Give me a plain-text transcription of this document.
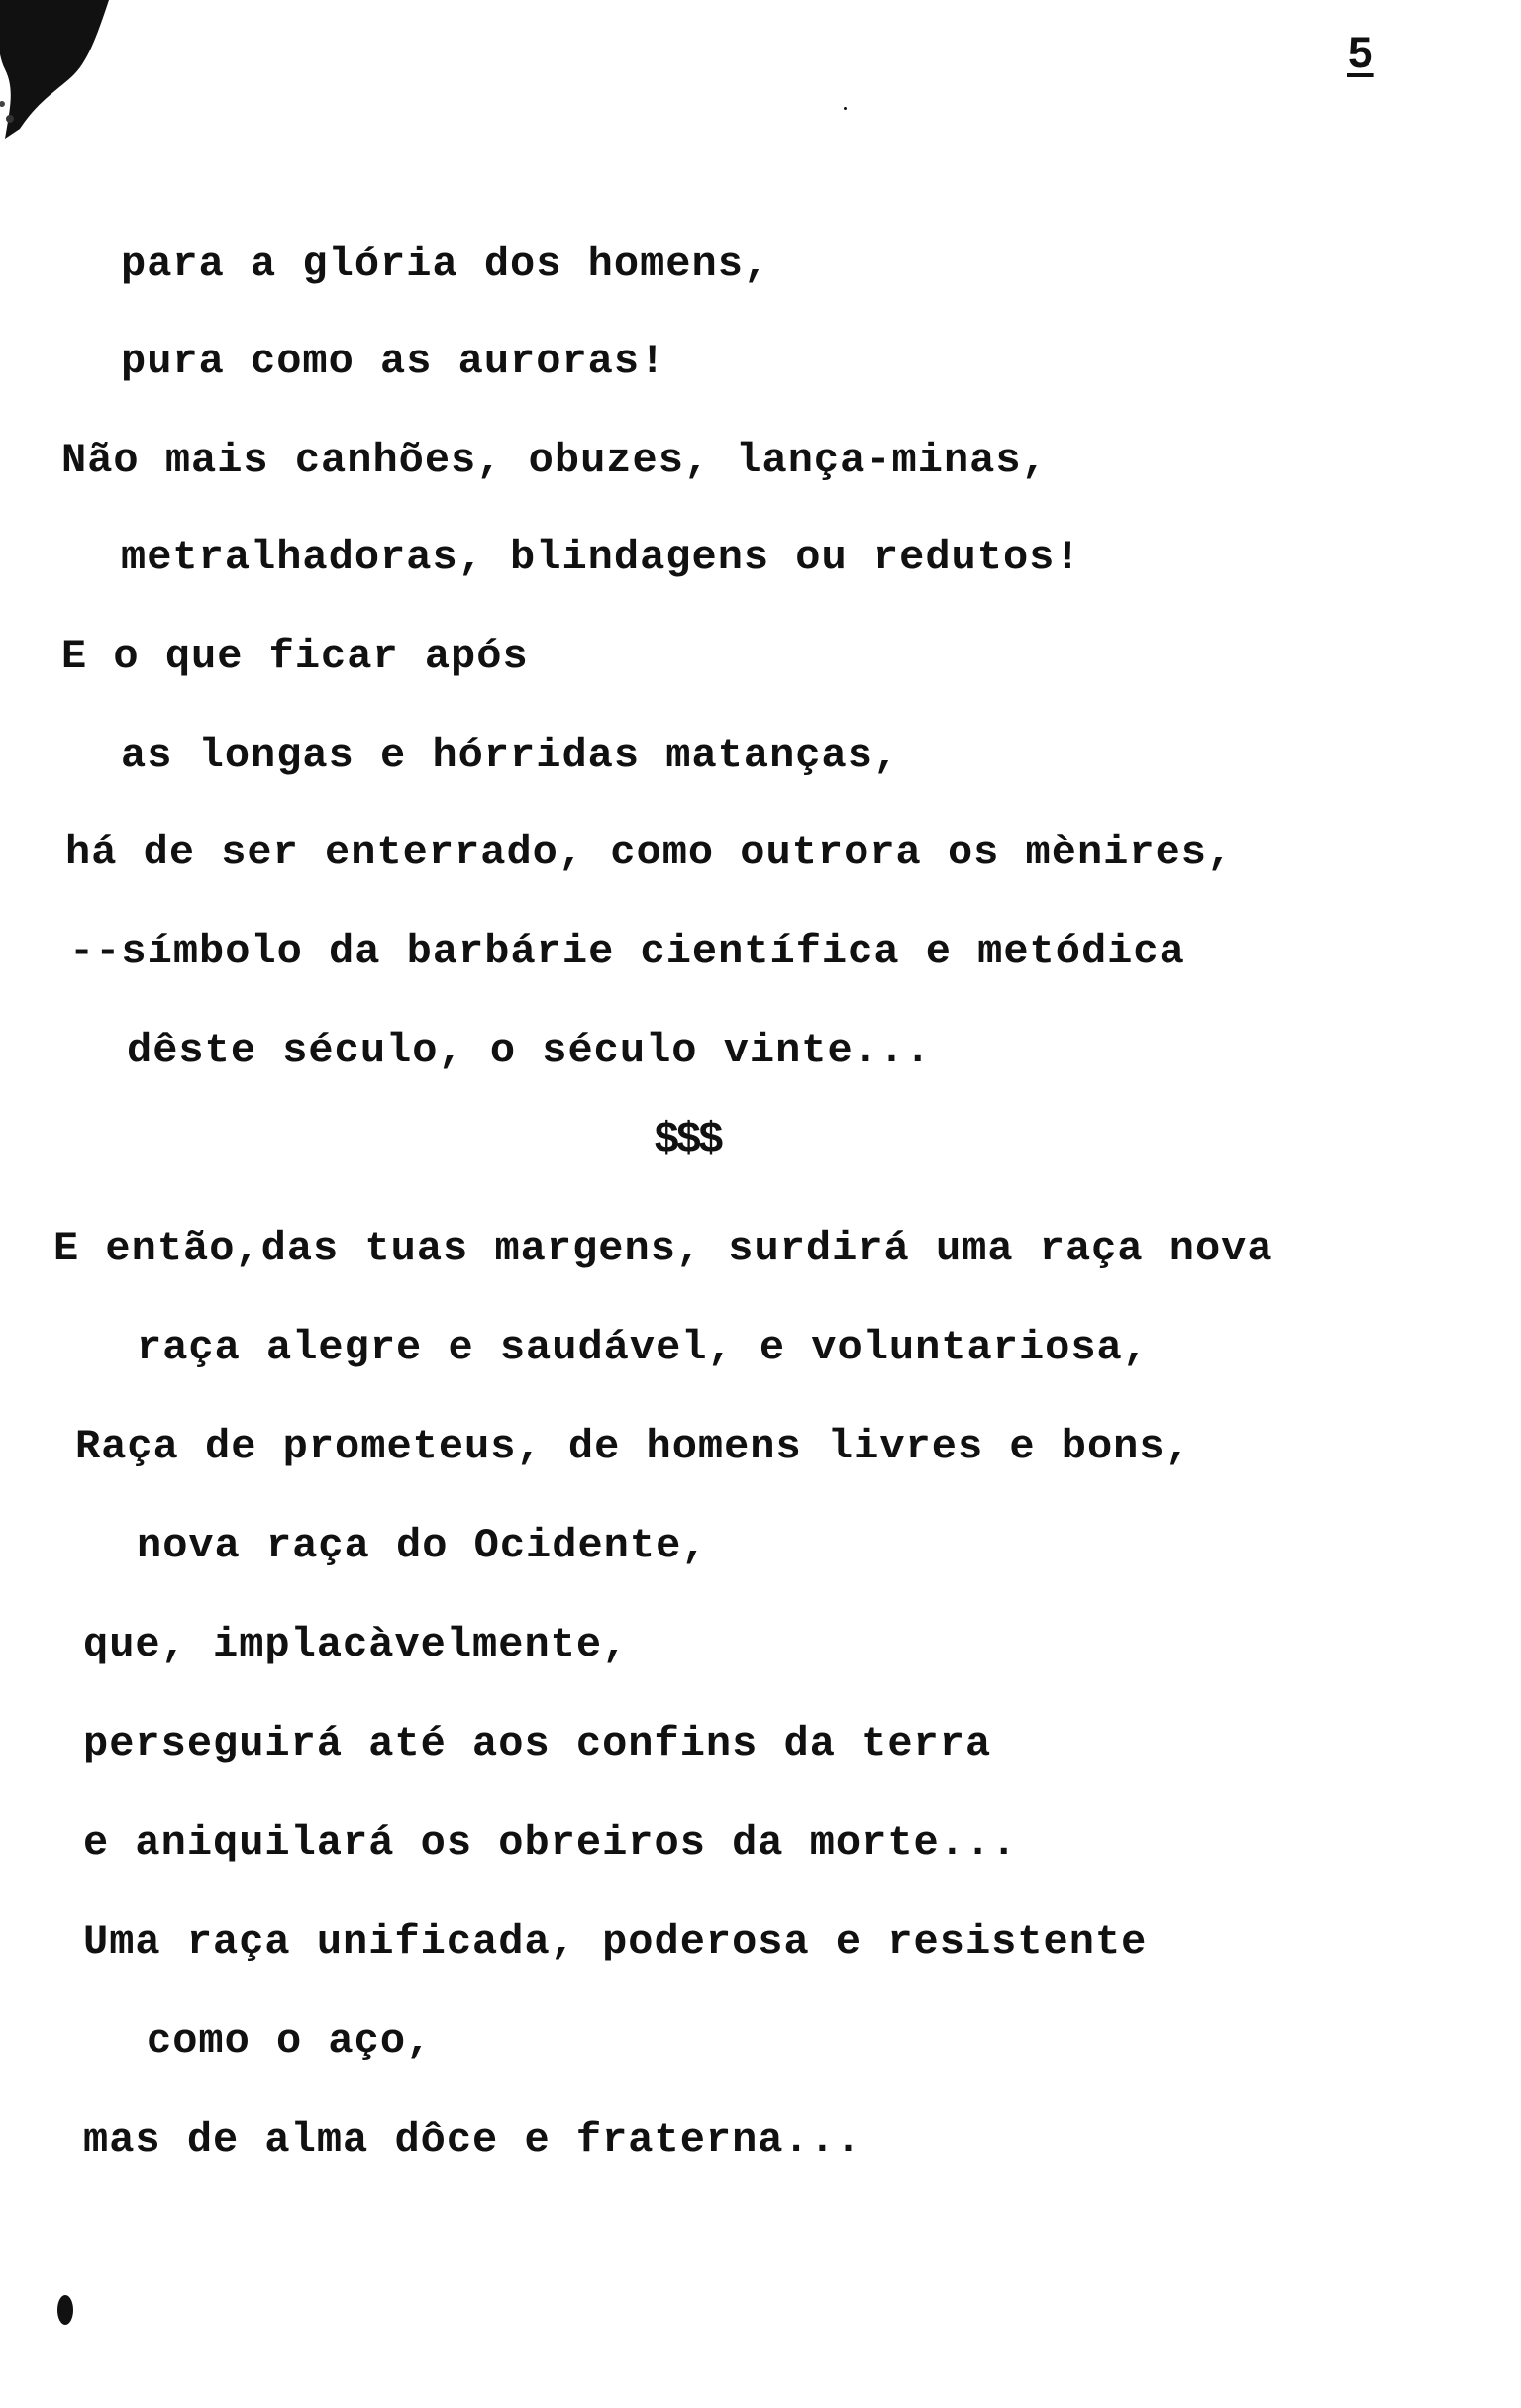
5
para a glória dos homens,
pura como as auroras!
Não mais canhões, obuzes, lança-minas,
metralhadoras, blindagens ou redutos!
E o que ficar após
as longas e hórridas matanças,
há de ser enterrado, como outrora os mènires,
--símbolo da barbárie científica e metódica
dêste século, o século vinte...
$$$
E então,das tuas margens, surdirá uma raça nova
raça alegre e saudável, e voluntariosa,
Raça de prometeus, de homens livres e bons,
nova raça do Ocidente,
que, implacàvelmente,
perseguirá até aos confins da terra
e aniquilará os obreiros da morte...
Uma raça unificada, poderosa e resistente
como o aço,
mas de alma dôce e fraterna...
